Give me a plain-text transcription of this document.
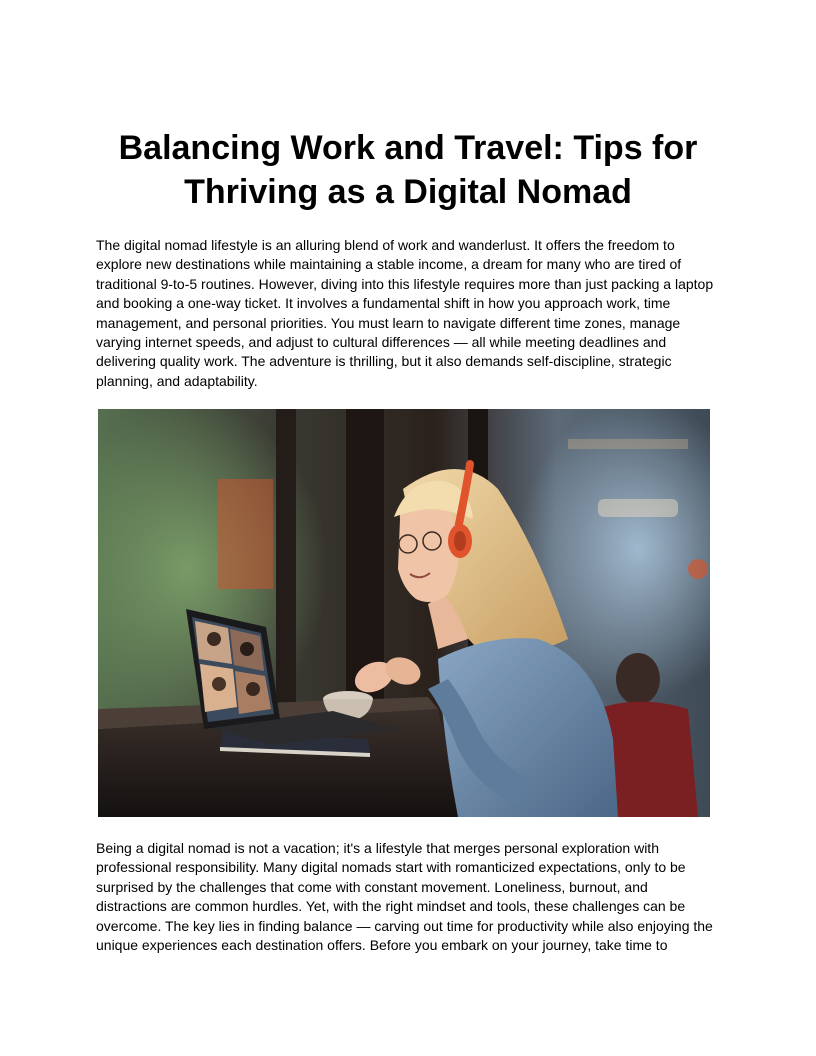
Balancing Work and Travel: Tips for Thriving as a Digital Nomad

The digital nomad lifestyle is an alluring blend of work and wanderlust. It offers the freedom to explore new destinations while maintaining a stable income, a dream for many who are tired of traditional 9-to-5 routines. However, diving into this lifestyle requires more than just packing a laptop and booking a one-way ticket. It involves a fundamental shift in how you approach work, time management, and personal priorities. You must learn to navigate different time zones, manage varying internet speeds, and adjust to cultural differences — all while meeting deadlines and delivering quality work. The adventure is thrilling, but it also demands self-discipline, strategic planning, and adaptability.

Being a digital nomad is not a vacation; it's a lifestyle that merges personal exploration with professional responsibility. Many digital nomads start with romanticized expectations, only to be surprised by the challenges that come with constant movement. Loneliness, burnout, and distractions are common hurdles. Yet, with the right mindset and tools, these challenges can be overcome. The key lies in finding balance — carving out time for productivity while also enjoying the unique experiences each destination offers. Before you embark on your journey, take time to
